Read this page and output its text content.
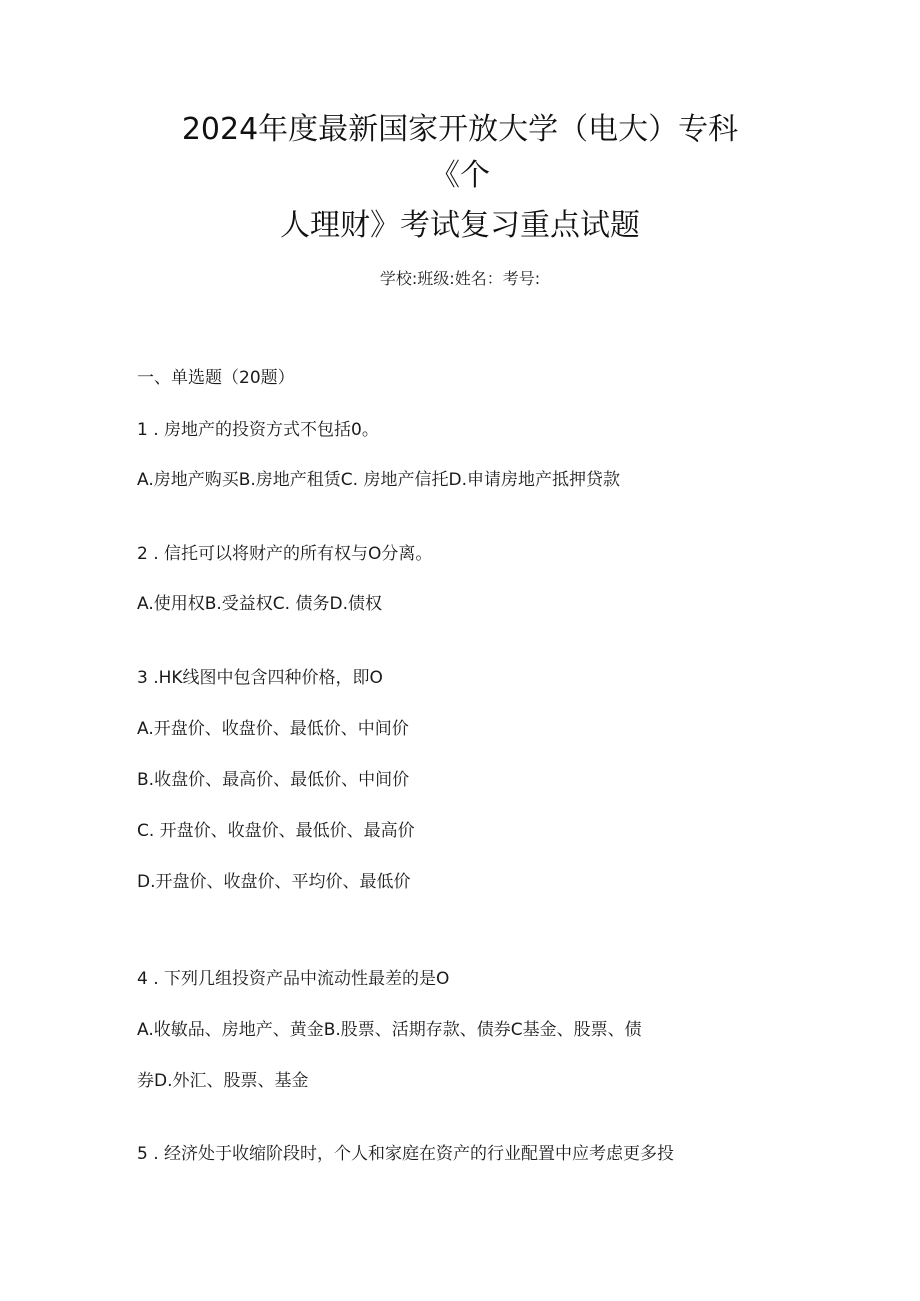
2024年度最新国家开放大学（电大）专科
《个
人理财》考试复习重点试题
学校:班级:姓名：考号:
一、单选题（20题）
1 . 房地产的投资方式不包括0。
A.房地产购买B.房地产租赁C. 房地产信托D.申请房地产抵押贷款
2 . 信托可以将财产的所有权与O分离。
A.使用权B.受益权C. 债务D.债权
3 .HK线图中包含四种价格，即O
A.开盘价、收盘价、最低价、中间价
B.收盘价、最高价、最低价、中间价
C. 开盘价、收盘价、最低价、最高价
D.开盘价、收盘价、平均价、最低价
4 . 下列几组投资产品中流动性最差的是O
A.收敏品、房地产、黄金B.股票、活期存款、债券C基金、股票、债
券D.外汇、股票、基金
5 . 经济处于收缩阶段时，个人和家庭在资产的行业配置中应考虑更多投
